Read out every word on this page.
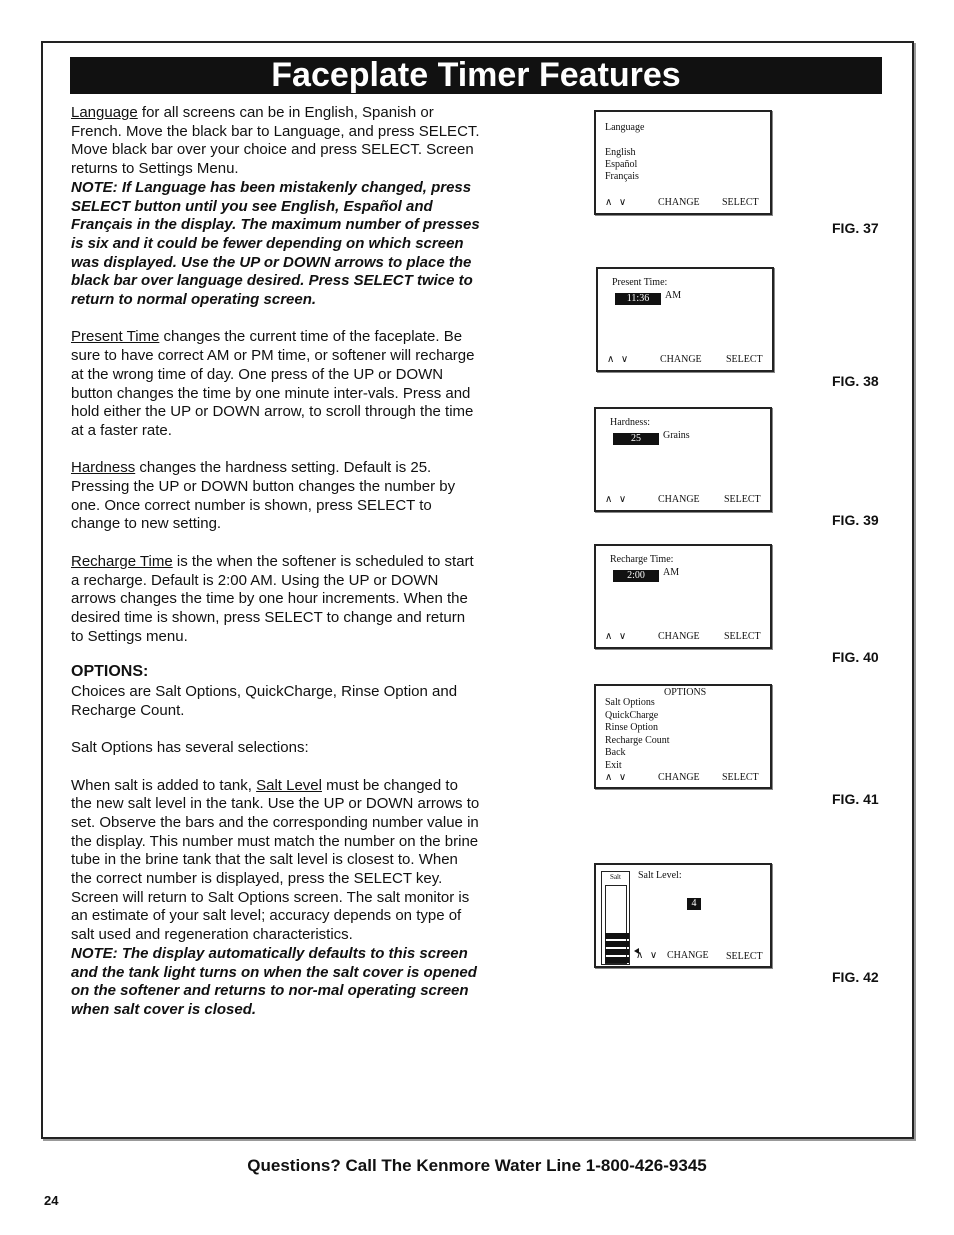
Faceplate Timer Features

Language for all screens can be in English, Spanish or French. Move the black bar to Language, and press SELECT. Move black bar over your choice and press SELECT. Screen returns to Settings Menu.
NOTE: If Language has been mistakenly changed, press SELECT button until you see English, Español and Français in the display. The maximum number of presses is six and it could be fewer depending on which screen was displayed. Use the UP or DOWN arrows to place the black bar over language desired. Press SELECT twice to return to normal operating screen.

Present Time changes the current time of the faceplate. Be sure to have correct AM or PM time, or softener will recharge at the wrong time of day. One press of the UP or DOWN button changes the time by one minute inter-vals. Press and hold either the UP or DOWN arrow, to scroll through the time at a faster rate.

Hardness changes the hardness setting. Default is 25. Pressing the UP or DOWN button changes the number by one. Once correct number is shown, press SELECT to change to new setting.

Recharge Time is the when the softener is scheduled to start a recharge. Default is 2:00 AM. Using the UP or DOWN arrows changes the time by one hour increments. When the desired time is shown, press SELECT to change and return to Settings menu.

OPTIONS:
Choices are Salt Options, QuickCharge, Rinse Option and Recharge Count.

Salt Options has several selections:

When salt is added to tank, Salt Level must be changed to the new salt level in the tank. Use the UP or DOWN arrows to set. Observe the bars and the corresponding number value in the display. This number must match the number on the brine tube in the brine tank that the salt level is closest to. When the correct number is displayed, press the SELECT key. Screen will return to Salt Options screen. The salt monitor is an estimate of your salt level; accuracy depends on type of salt used and regeneration characteristics.
NOTE: The display automatically defaults to this screen and the tank light turns on when the salt cover is opened on the softener and returns to nor-mal operating screen when salt cover is closed.

Language
English
Español
Français
∧ ∨	CHANGE SELECT
FIG. 37
Present Time:
11:36	AM
∧ ∨	CHANGE SELECT
FIG. 38
Hardness:
25	Grains
∧ ∨	CHANGE SELECT
FIG. 39
Recharge Time:
2:00	AM
∧ ∨	CHANGE SELECT
FIG. 40
OPTIONS
Salt Options
QuickCharge
Rinse Option
Recharge Count
Back
Exit
∧ ∨	CHANGE SELECT
FIG. 41
Salt	Salt Level:
4
∧ ∨ CHANGE SELECT
FIG. 42
Questions? Call The Kenmore Water Line 1-800-426-9345
24
